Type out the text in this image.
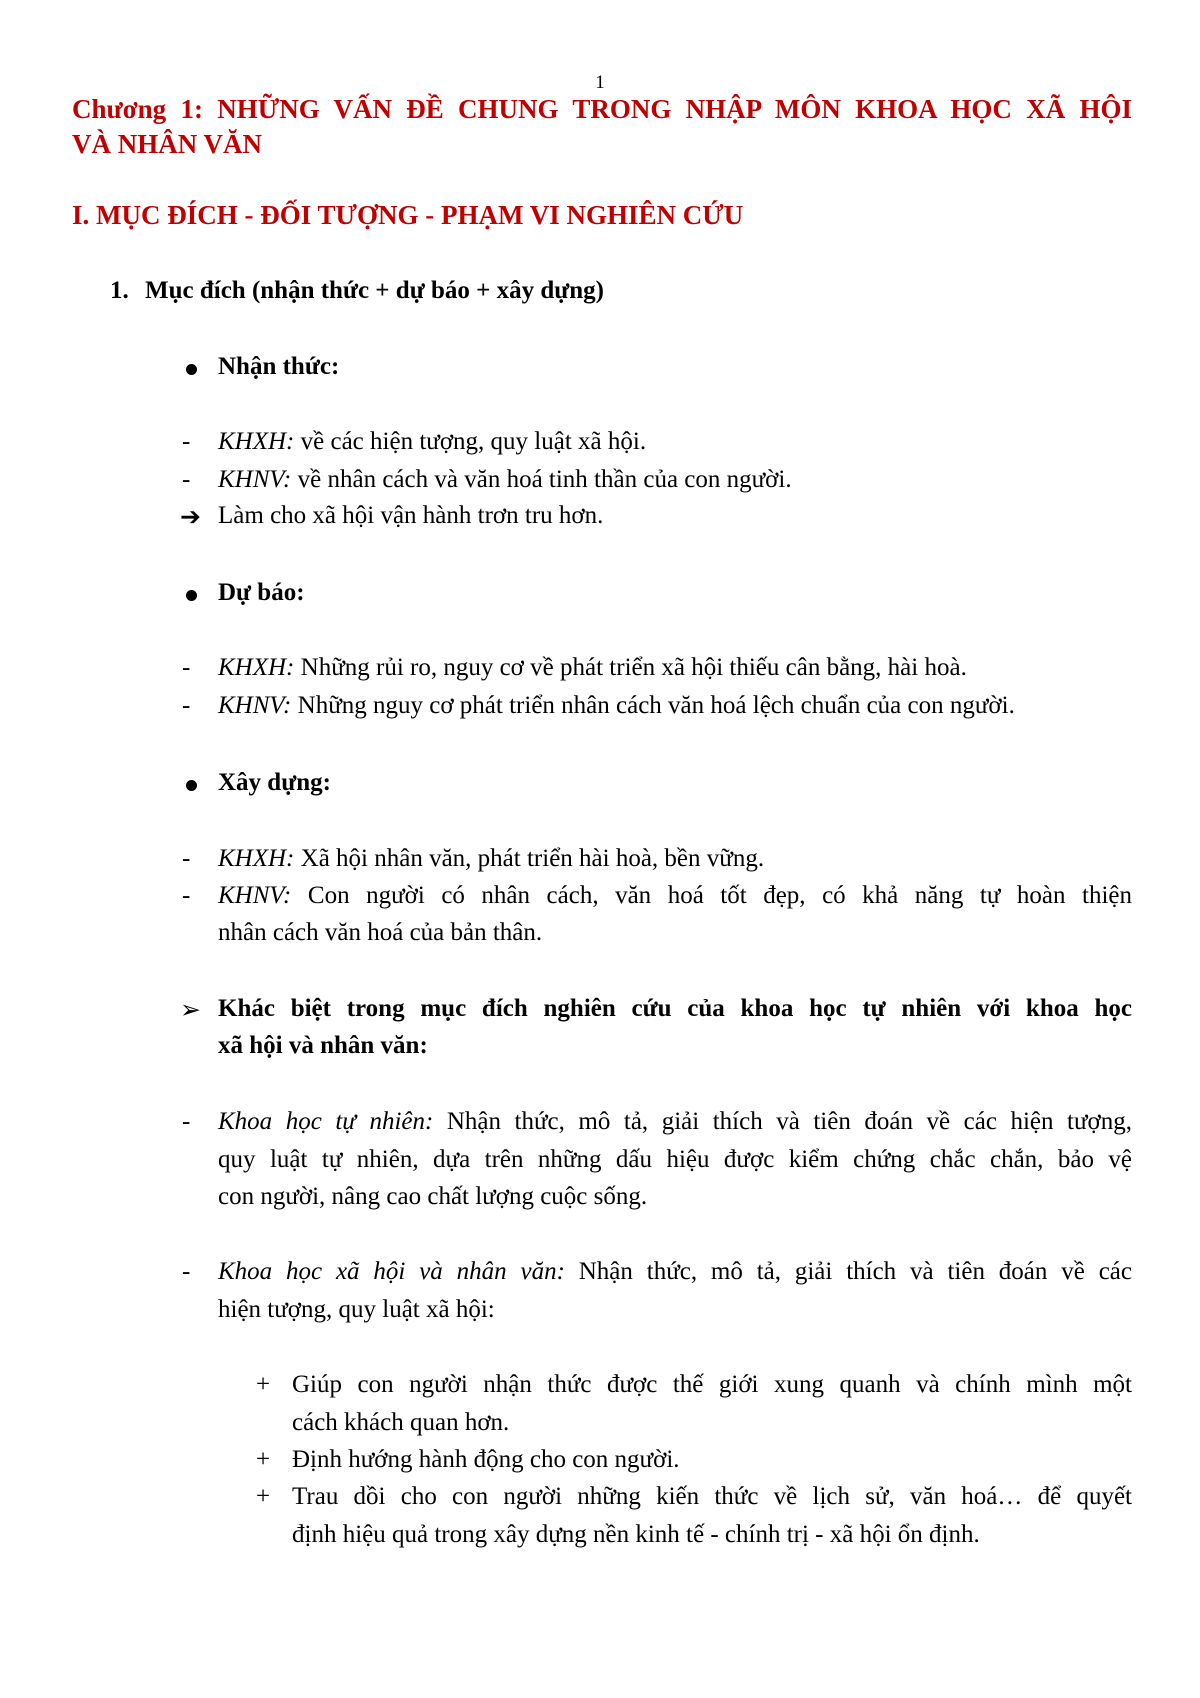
1
Chương 1: NHỮNG VẤN ĐỀ CHUNG TRONG NHẬP MÔN KHOA HỌC XÃ HỘI
VÀ NHÂN VĂN
I. MỤC ĐÍCH - ĐỐI TƯỢNG - PHẠM VI NGHIÊN CỨU
1. Mục đích (nhận thức + dự báo + xây dựng)
Nhận thức:
-	KHXH: về các hiện tượng, quy luật xã hội.
-	KHNV: về nhân cách và văn hoá tinh thần của con người.
➔ Làm cho xã hội vận hành trơn tru hơn.
Dự báo:
-	KHXH: Những rủi ro, nguy cơ về phát triển xã hội thiếu cân bằng, hài hoà.
-	KHNV: Những nguy cơ phát triển nhân cách văn hoá lệch chuẩn của con người.
Xây dựng:
-	KHXH: Xã hội nhân văn, phát triển hài hoà, bền vững.
-	KHNV: Con người có nhân cách, văn hoá tốt đẹp, có khả năng tự hoàn thiện
nhân cách văn hoá của bản thân.
➢ Khác biệt trong mục đích nghiên cứu của khoa học tự nhiên với khoa học
xã hội và nhân văn:
-	Khoa học tự nhiên: Nhận thức, mô tả, giải thích và tiên đoán về các hiện tượng,
quy luật tự nhiên, dựa trên những dấu hiệu được kiểm chứng chắc chắn, bảo vệ
con người, nâng cao chất lượng cuộc sống.
-	Khoa học xã hội và nhân văn: Nhận thức, mô tả, giải thích và tiên đoán về các
hiện tượng, quy luật xã hội:
+ Giúp con người nhận thức được thế giới xung quanh và chính mình một
cách khách quan hơn.
+ Định hướng hành động cho con người.
+ Trau dồi cho con người những kiến thức về lịch sử, văn hoá… để quyết
định hiệu quả trong xây dựng nền kinh tế - chính trị - xã hội ổn định.
